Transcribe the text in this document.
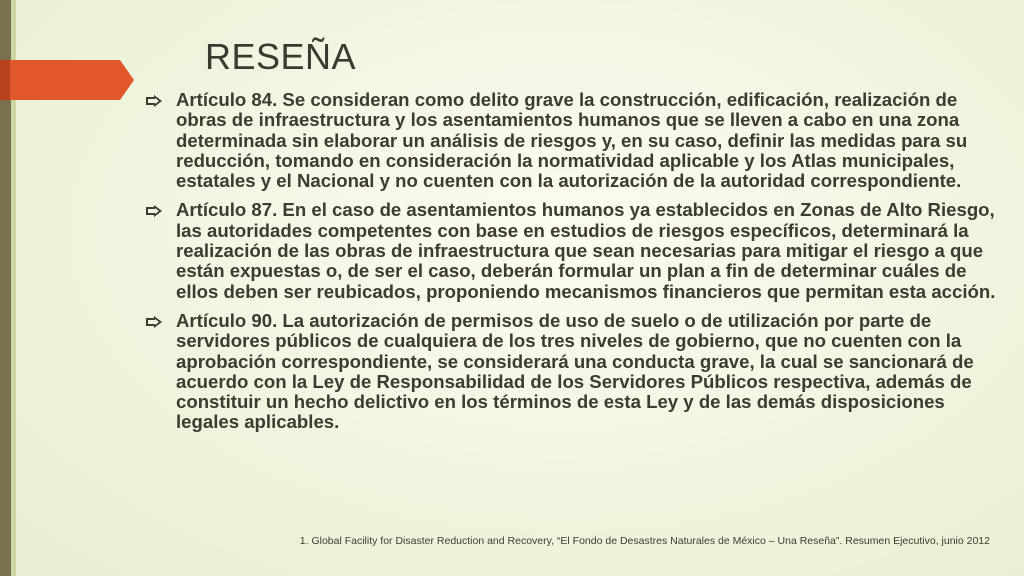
RESEÑA
Artículo 84. Se consideran como delito grave la construcción, edificación, realización de obras de infraestructura y los asentamientos humanos que se lleven a cabo en una zona determinada sin elaborar un análisis de riesgos y, en su caso, definir las medidas para su reducción, tomando en consideración la normatividad aplicable y los Atlas municipales, estatales y el Nacional y no cuenten con la autorización de la autoridad correspondiente.
Artículo 87. En el caso de asentamientos humanos ya establecidos en Zonas de Alto Riesgo, las autoridades competentes con base en estudios de riesgos específicos, determinará la realización de las obras de infraestructura que sean necesarias para mitigar el riesgo a que están expuestas o, de ser el caso, deberán formular un plan a fin de determinar cuáles de ellos deben ser reubicados, proponiendo mecanismos financieros que permitan esta acción.
Artículo 90. La autorización de permisos de uso de suelo o de utilización por parte de servidores públicos de cualquiera de los tres niveles de gobierno, que no cuenten con la aprobación correspondiente, se considerará una conducta grave, la cual se sancionará de acuerdo con la Ley de Responsabilidad de los Servidores Públicos respectiva, además de constituir un hecho delictivo en los términos de esta Ley y de las demás disposiciones legales aplicables.
1. Global Facility for Disaster Reduction and Recovery, “El Fondo de Desastres Naturales de México – Una Reseña”. Resumen Ejecutivo, junio 2012
